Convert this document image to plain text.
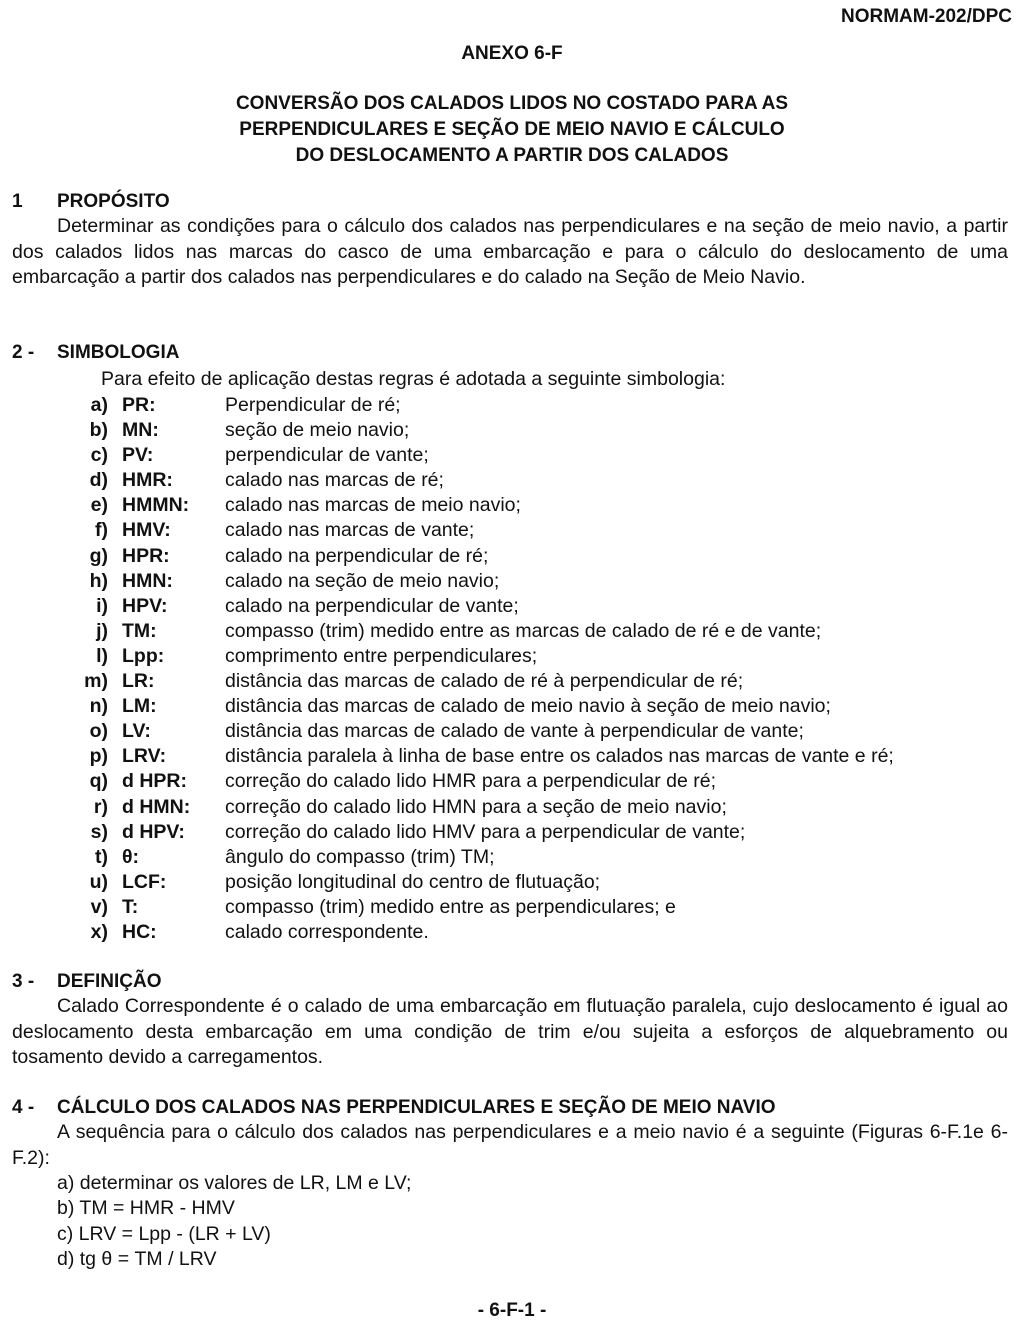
NORMAM-202/DPC
ANEXO 6-F
CONVERSÃO DOS CALADOS LIDOS NO COSTADO PARA AS
PERPENDICULARES E SEÇÃO DE MEIO NAVIO E CÁLCULO
DO DESLOCAMENTO A PARTIR DOS CALADOS
1 PROPÓSITO
Determinar as condições para o cálculo dos calados nas perpendiculares e na seção de meio navio, a partir dos calados lidos nas marcas do casco de uma embarcação e para o cálculo do deslocamento de uma embarcação a partir dos calados nas perpendiculares e do calado na Seção de Meio Navio.
2 - SIMBOLOGIA
Para efeito de aplicação destas regras é adotada a seguinte simbologia:
a) PR:	Perpendicular de ré;
b) MN:	seção de meio navio;
c) PV:	perpendicular de vante;
d) HMR:	calado nas marcas de ré;
e) HMMN: calado nas marcas de meio navio;
f) HMV:	calado nas marcas de vante;
g) HPR:	calado na perpendicular de ré;
h) HMN:	calado na seção de meio navio;
i) HPV:	calado na perpendicular de vante;
j) TM:	compasso (trim) medido entre as marcas de calado de ré e de vante;
l) Lpp:	comprimento entre perpendiculares;
m) LR:	distância das marcas de calado de ré à perpendicular de ré;
n) LM:	distância das marcas de calado de meio navio à seção de meio navio;
o) LV:	distância das marcas de calado de vante à perpendicular de vante;
p) LRV:	distância paralela à linha de base entre os calados nas marcas de vante e ré;
q) d HPR: correção do calado lido HMR para a perpendicular de ré;
r) d HMN: correção do calado lido HMN para a seção de meio navio;
s) d HPV: correção do calado lido HMV para a perpendicular de vante;
t) θ:	ângulo do compasso (trim) TM;
u) LCF:	posição longitudinal do centro de flutuação;
v) T:	compasso (trim) medido entre as perpendiculares; e
x) HC:	calado correspondente.
3 - DEFINIÇÃO
Calado Correspondente é o calado de uma embarcação em flutuação paralela, cujo deslocamento é igual ao deslocamento desta embarcação em uma condição de trim e/ou sujeita a esforços de alquebramento ou tosamento devido a carregamentos.
4 - CÁLCULO DOS CALADOS NAS PERPENDICULARES E SEÇÃO DE MEIO NAVIO
A sequência para o cálculo dos calados nas perpendiculares e a meio navio é a seguinte (Figuras 6-F.1e 6-F.2):
a) determinar os valores de LR, LM e LV;
b) TM = HMR - HMV
c) LRV = Lpp - (LR + LV)
d) tg θ = TM / LRV
- 6-F-1 -
